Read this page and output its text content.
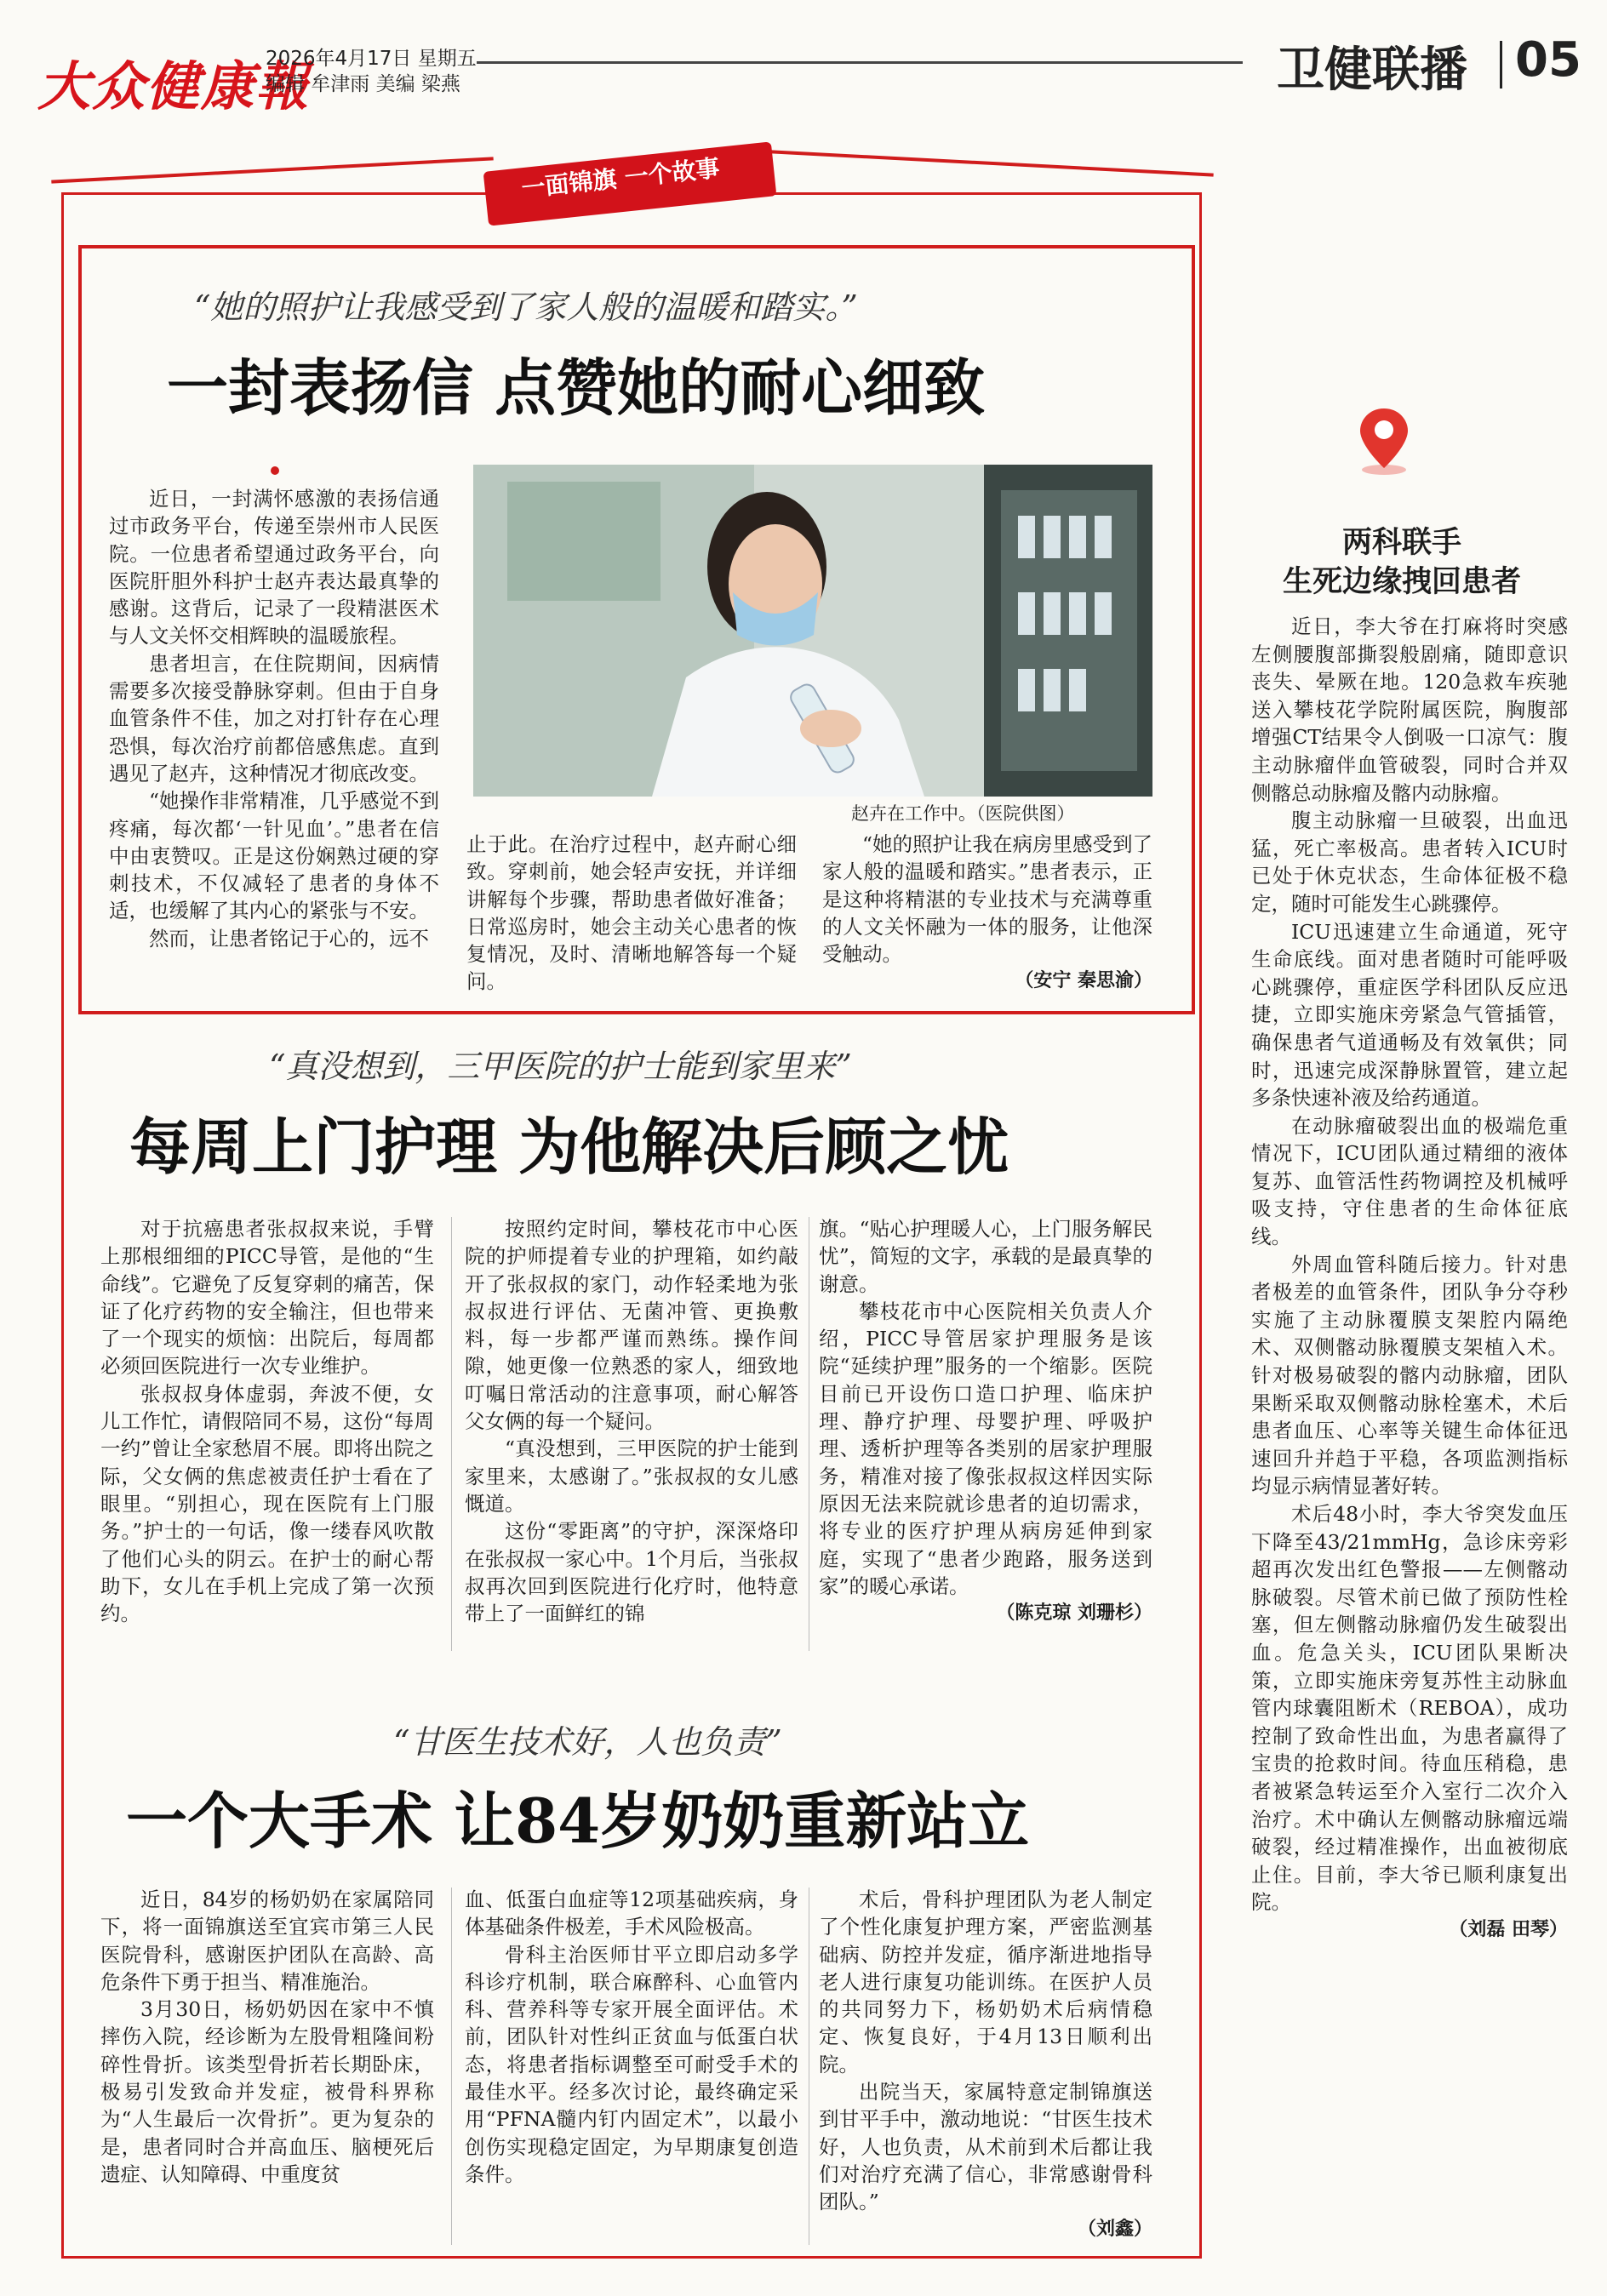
大众健康報
2026年4月17日 星期五
编辑 牟津雨 美编 梁燕	卫健联播 05
一面锦旗 一个故事
“她的照护让我感受到了家人般的温暖和踏实。”
一封表扬信 点赞她的耐心细致

近日，一封满怀感激的表扬信通过市政务平台，传递至崇州市人民医院。一位患者希望通过政务平台，向医院肝胆外科护士赵卉表达最真挚的感谢。这背后，记录了一段精湛医术与人文关怀交相辉映的温暖旅程。

患者坦言，在住院期间，因病情需要多次接受静脉穿刺。但由于自身血管条件不佳，加之对打针存在心理恐惧，每次治疗前都倍感焦虑。直到遇见了赵卉，这种情况才彻底改变。

“她操作非常精准，几乎感觉不到疼痛，每次都‘一针见血’。”患者在信中由衷赞叹。正是这份娴熟过硬的穿刺技术，不仅减轻了患者的身体不适，也缓解了其内心的紧张与不安。

然而，让患者铭记于心的，远不

赵卉在工作中。（医院供图）

止于此。在治疗过程中，赵卉耐心细致。穿刺前，她会轻声安抚，并详细讲解每个步骤，帮助患者做好准备；日常巡房时，她会主动关心患者的恢复情况，及时、清晰地解答每一个疑问。

“她的照护让我在病房里感受到了家人般的温暖和踏实。”患者表示，正是这种将精湛的专业技术与充满尊重的人文关怀融为一体的服务，让他深受触动。

（安宁 秦思渝）
“真没想到，三甲医院的护士能到家里来”
每周上门护理 为他解决后顾之忧

对于抗癌患者张叔叔来说，手臂上那根细细的PICC导管，是他的“生命线”。它避免了反复穿刺的痛苦，保证了化疗药物的安全输注，但也带来了一个现实的烦恼：出院后，每周都必须回医院进行一次专业维护。

张叔叔身体虚弱，奔波不便，女儿工作忙，请假陪同不易，这份“每周一约”曾让全家愁眉不展。即将出院之际，父女俩的焦虑被责任护士看在了眼里。“别担心，现在医院有上门服务。”护士的一句话，像一缕春风吹散了他们心头的阴云。在护士的耐心帮助下，女儿在手机上完成了第一次预约。

按照约定时间，攀枝花市中心医院的护师提着专业的护理箱，如约敲开了张叔叔的家门，动作轻柔地为张叔叔进行评估、无菌冲管、更换敷料，每一步都严谨而熟练。操作间隙，她更像一位熟悉的家人，细致地叮嘱日常活动的注意事项，耐心解答父女俩的每一个疑问。

“真没想到，三甲医院的护士能到家里来，太感谢了。”张叔叔的女儿感慨道。

这份“零距离”的守护，深深烙印在张叔叔一家心中。1个月后，当张叔叔再次回到医院进行化疗时，他特意带上了一面鲜红的锦

旗。“贴心护理暖人心，上门服务解民忧”，简短的文字，承载的是最真挚的谢意。

攀枝花市中心医院相关负责人介绍，PICC导管居家护理服务是该院“延续护理”服务的一个缩影。医院目前已开设伤口造口护理、临床护理、静疗护理、母婴护理、呼吸护理、透析护理等各类别的居家护理服务，精准对接了像张叔叔这样因实际原因无法来院就诊患者的迫切需求，将专业的医疗护理从病房延伸到家庭，实现了“患者少跑路，服务送到家”的暖心承诺。

（陈克琼 刘珊杉）
“甘医生技术好，人也负责”
一个大手术 让84岁奶奶重新站立

近日，84岁的杨奶奶在家属陪同下，将一面锦旗送至宜宾市第三人民医院骨科，感谢医护团队在高龄、高危条件下勇于担当、精准施治。

3月30日，杨奶奶因在家中不慎摔伤入院，经诊断为左股骨粗隆间粉碎性骨折。该类型骨折若长期卧床，极易引发致命并发症，被骨科界称为“人生最后一次骨折”。更为复杂的是，患者同时合并高血压、脑梗死后遗症、认知障碍、中重度贫

血、低蛋白血症等12项基础疾病，身体基础条件极差，手术风险极高。

骨科主治医师甘平立即启动多学科诊疗机制，联合麻醉科、心血管内科、营养科等专家开展全面评估。术前，团队针对性纠正贫血与低蛋白状态，将患者指标调整至可耐受手术的最佳水平。经多次讨论，最终确定采用“PFNA髓内钉内固定术”，以最小创伤实现稳定固定，为早期康复创造条件。

术后，骨科护理团队为老人制定了个性化康复护理方案，严密监测基础病、防控并发症，循序渐进地指导老人进行康复功能训练。在医护人员的共同努力下，杨奶奶术后病情稳定、恢复良好，于4月13日顺利出院。

出院当天，家属特意定制锦旗送到甘平手中，激动地说：“甘医生技术好，人也负责，从术前到术后都让我们对治疗充满了信心，非常感谢骨科团队。”

（刘鑫）
两科联手
生死边缘拽回患者

近日，李大爷在打麻将时突感左侧腰腹部撕裂般剧痛，随即意识丧失、晕厥在地。120急救车疾驰送入攀枝花学院附属医院，胸腹部增强CT结果令人倒吸一口凉气：腹主动脉瘤伴血管破裂，同时合并双侧髂总动脉瘤及髂内动脉瘤。

腹主动脉瘤一旦破裂，出血迅猛，死亡率极高。患者转入ICU时已处于休克状态，生命体征极不稳定，随时可能发生心跳骤停。

ICU迅速建立生命通道，死守生命底线。面对患者随时可能呼吸心跳骤停，重症医学科团队反应迅捷，立即实施床旁紧急气管插管，确保患者气道通畅及有效氧供；同时，迅速完成深静脉置管，建立起多条快速补液及给药通道。

在动脉瘤破裂出血的极端危重情况下，ICU团队通过精细的液体复苏、血管活性药物调控及机械呼吸支持，守住患者的生命体征底线。

外周血管科随后接力。针对患者极差的血管条件，团队争分夺秒实施了主动脉覆膜支架腔内隔绝术、双侧髂动脉覆膜支架植入术。针对极易破裂的髂内动脉瘤，团队果断采取双侧髂动脉栓塞术，术后患者血压、心率等关键生命体征迅速回升并趋于平稳，各项监测指标均显示病情显著好转。

术后48小时，李大爷突发血压下降至43/21mmHg，急诊床旁彩超再次发出红色警报——左侧髂动脉破裂。尽管术前已做了预防性栓塞，但左侧髂动脉瘤仍发生破裂出血。危急关头，ICU团队果断决策，立即实施床旁复苏性主动脉血管内球囊阻断术（REBOA），成功控制了致命性出血，为患者赢得了宝贵的抢救时间。待血压稍稳，患者被紧急转运至介入室行二次介入治疗。术中确认左侧髂动脉瘤远端破裂，经过精准操作，出血被彻底止住。目前，李大爷已顺利康复出院。

（刘磊 田琴）
